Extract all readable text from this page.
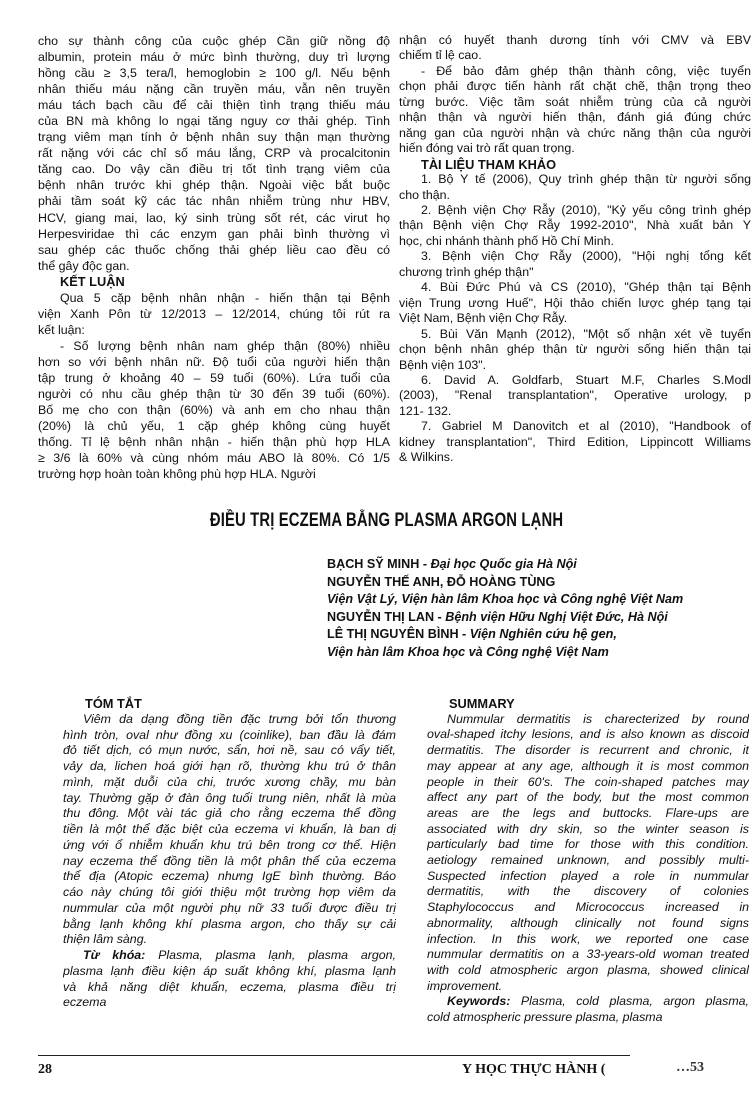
cho sự thành công của cuộc ghép Cần giữ nồng độ
albumin, protein máu ở mức bình thường, duy trì lượng
hồng cầu ≥ 3,5 tera/l, hemoglobin ≥ 100 g/l. Nếu bệnh
nhân thiếu máu nặng cần truyền máu, vẫn nên truyền
máu tách bạch cầu để cải thiện tình trạng thiếu máu
của BN mà không lo ngại tăng nguy cơ thải ghép. Tình
trạng viêm mạn tính ở bệnh nhân suy thận mạn thường
rất nặng với các chỉ số máu lắng, CRP và procalcitonin
tăng cao. Do vậy cần điều trị tốt tình trạng viêm của
bệnh nhân trước khi ghép thận. Ngoài việc bắt buộc
phải tầm soát kỹ các tác nhân nhiễm trùng như HBV,
HCV, giang mai, lao, ký sinh trùng sốt rét, các virut họ
Herpesviridae thì các enzym gan phải bình thường vì
sau ghép các thuốc chống thải ghép liều cao đều có
thể gây độc gan.
KẾT LUẬN
Qua 5 cặp bệnh nhân nhận - hiến thận tại Bệnh
viện Xanh Pôn từ 12/2013 – 12/2014, chúng tôi rút ra
kết luận:
- Số lượng bệnh nhân nam ghép thận (80%) nhiều
hơn so với bệnh nhân nữ. Độ tuổi của người hiến thận
tập trung ở khoảng 40 – 59 tuổi (60%). Lứa tuổi của
người có nhu cầu ghép thận từ 30 đến 39 tuổi (60%).
Bố mẹ cho con thận (60%) và anh em cho nhau thận
(20%) là chủ yếu, 1 cặp ghép không cùng huyết
thống. Tỉ lệ bệnh nhân nhận - hiến thận phù hợp HLA
≥ 3/6 là 60% và cùng nhóm máu ABO là 80%. Có 1/5
trường hợp hoàn toàn không phù hợp HLA. Người
nhận có huyết thanh dương tính với CMV và EBV
chiếm tỉ lệ cao.
- Để bảo đảm ghép thận thành công, việc tuyển
chọn phải được tiến hành rất chặt chẽ, thận trọng theo
từng bước. Việc tầm soát nhiễm trùng của cả người
nhận thận và người hiến thận, đánh giá đúng chức
năng gan của người nhận và chức năng thận của người
hiến đóng vai trò rất quan trọng.
TÀI LIỆU THAM KHẢO
1. Bộ Y tế (2006), Quy trình ghép thận từ người sống
cho thận.
2. Bệnh viện Chợ Rẫy (2010), "Kỷ yếu công trình ghép
thận Bệnh viện Chợ Rẫy 1992-2010", Nhà xuất bản Y
học, chi nhánh thành phố Hồ Chí Minh.
3. Bệnh viện Chợ Rẫy (2000), "Hội nghị tổng kết
chương trình ghép thận"
4. Bùi Đức Phú và CS (2010), "Ghép thận tại Bệnh
viện Trung ương Huế", Hội thảo chiến lược ghép tạng tại
Việt Nam, Bệnh viện Chợ Rẫy.
5. Bùi Văn Mạnh (2012), "Một số nhận xét về tuyển
chọn bệnh nhân ghép thận từ người sống hiến thận tại
Bệnh viện 103".
6. David A. Goldfarb, Stuart M.F, Charles S.Modl
(2003), "Renal transplantation", Operative urology, p
121- 132.
7. Gabriel M Danovitch et al (2010), "Handbook of
kidney transplantation", Third Edition, Lippincott Williams
& Wilkins.
ĐIỀU TRỊ ECZEMA BẰNG PLASMA ARGON LẠNH
BẠCH SỸ MINH - Đại học Quốc gia Hà Nội
NGUYỄN THẾ ANH, ĐỖ HOÀNG TÙNG
Viện Vật Lý, Viện hàn lâm Khoa học và Công nghệ Việt Nam
NGUYỄN THỊ LAN - Bệnh viện Hữu Nghị Việt Đức, Hà Nội
LÊ THỊ NGUYÊN BÌNH - Viện Nghiên cứu hệ gen,
Viện hàn lâm Khoa học và Công nghệ Việt Nam
TÓM TẮT
Viêm da dạng đồng tiền đặc trưng bởi tổn thương
hình tròn, oval như đồng xu (coinlike), ban đầu là đám
đỏ tiết dịch, có mụn nước, sẩn, hơi nề, sau có vẩy tiết,
vảy da, lichen hoá giới hạn rõ, thường khu trú ở thân
mình, mặt duỗi của chi, trước xương chầy, mu bàn
tay. Thường gặp ở đàn ông tuổi trung niên, nhất là mùa
thu đông. Một vài tác giả cho rằng eczema thể đồng
tiền là một thể đặc biệt của eczema vi khuẩn, là ban dị
ứng với ổ nhiễm khuẩn khu trú bên trong cơ thể. Hiện
nay eczema thể đồng tiền là một phân thể của eczema
thể địa (Atopic eczema) nhưng IgE bình thường. Báo
cáo này chúng tôi giới thiệu một trường hợp viêm da
nummular của một người phụ nữ 33 tuổi được điều trị
bằng lạnh không khí plasma argon, cho thấy sự cải
thiện lâm sàng.
Từ khóa: Plasma, plasma lạnh, plasma argon,
plasma lạnh điều kiện áp suất không khí, plasma lạnh
và khả năng diệt khuẩn, eczema, plasma điều trị
eczema
SUMMARY
Nummular dermatitis is charecterized by round
oval-shaped itchy lesions, and is also known as discoid
dermatitis. The disorder is recurrent and chronic, it
may appear at any age, although it is most common
people in their 60's. The coin-shaped patches may
affect any part of the body, but the most common
areas are the legs and buttocks. Flare-ups are
associated with dry skin, so the winter season is
particularly bad time for those with this condition.
aetiology remained unknown, and possibly multi-
Suspected infection played a role in nummular
dermatitis, with the discovery of colonies
Staphylococcus and Micrococcus increased in
abnormality, although clinically not found signs
infection. In this work, we reported one case
nummular dermatitis on a 33-years-old woman treated
with cold atmospheric argon plasma, showed clinical
improvement.
Keywords: Plasma, cold plasma, argon plasma,
cold atmospheric pressure plasma, plasma
28	Y HỌC THỰC HÀNH (	…53
